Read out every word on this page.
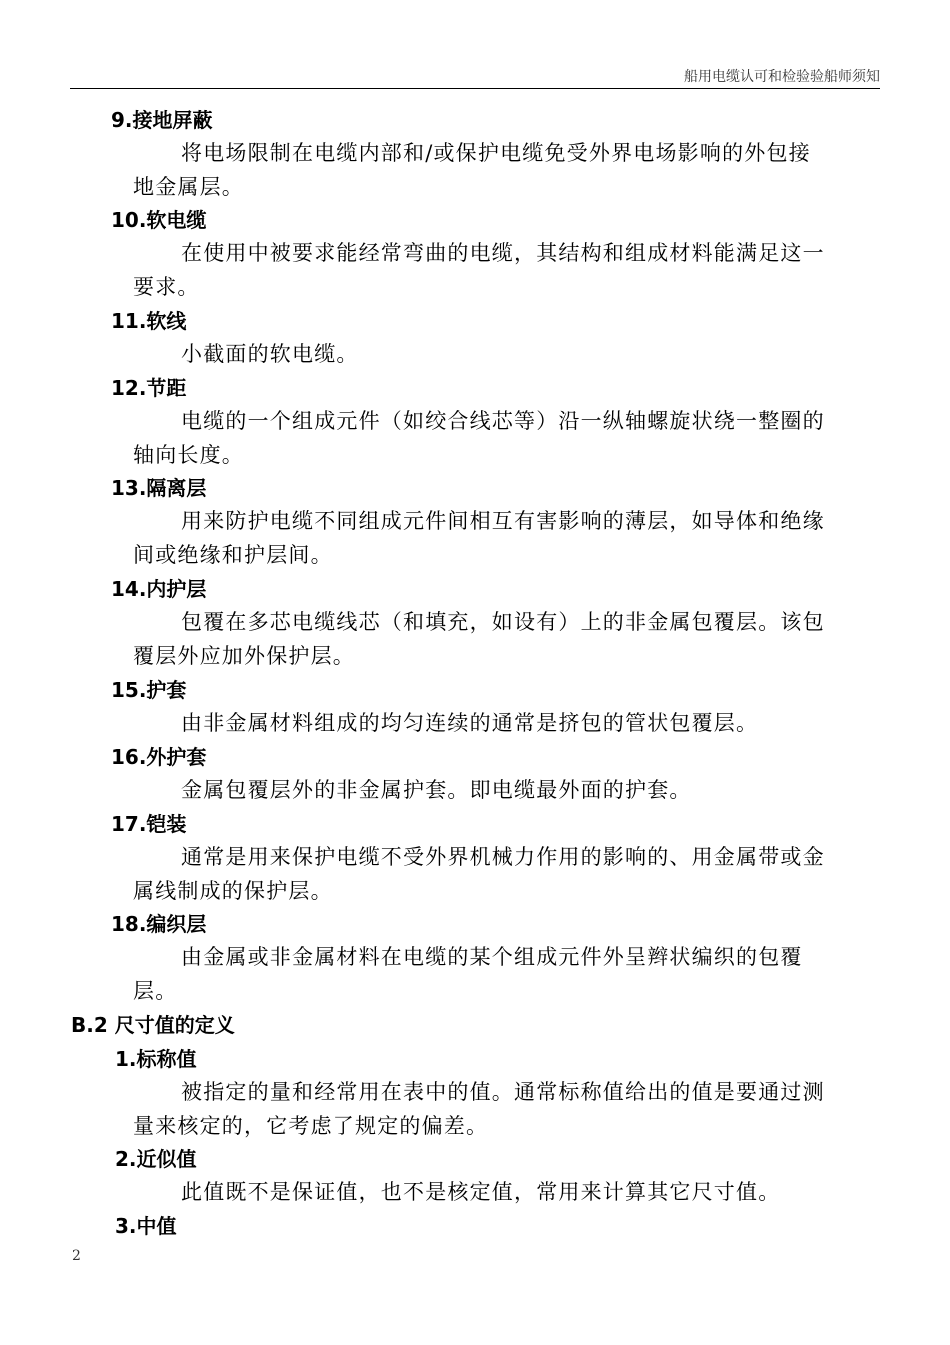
船用电缆认可和检验验船师须知
9.接地屏蔽
将电场限制在电缆内部和/或保护电缆免受外界电场影响的外包接
地金属层。
10.软电缆
在使用中被要求能经常弯曲的电缆，其结构和组成材料能满足这一
要求。
11.软线
小截面的软电缆。
12.节距
电缆的一个组成元件（如绞合线芯等）沿一纵轴螺旋状绕一整圈的
轴向长度。
13.隔离层
用来防护电缆不同组成元件间相互有害影响的薄层，如导体和绝缘
间或绝缘和护层间。
14.内护层
包覆在多芯电缆线芯（和填充，如设有）上的非金属包覆层。该包
覆层外应加外保护层。
15.护套
由非金属材料组成的均匀连续的通常是挤包的管状包覆层。
16.外护套
金属包覆层外的非金属护套。即电缆最外面的护套。
17.铠装
通常是用来保护电缆不受外界机械力作用的影响的、用金属带或金
属线制成的保护层。
18.编织层
由金属或非金属材料在电缆的某个组成元件外呈辫状编织的包覆
层。
B.2 尺寸值的定义
1.标称值
被指定的量和经常用在表中的值。通常标称值给出的值是要通过测
量来核定的，它考虑了规定的偏差。
2.近似值
此值既不是保证值，也不是核定值，常用来计算其它尺寸值。
3.中值
2
